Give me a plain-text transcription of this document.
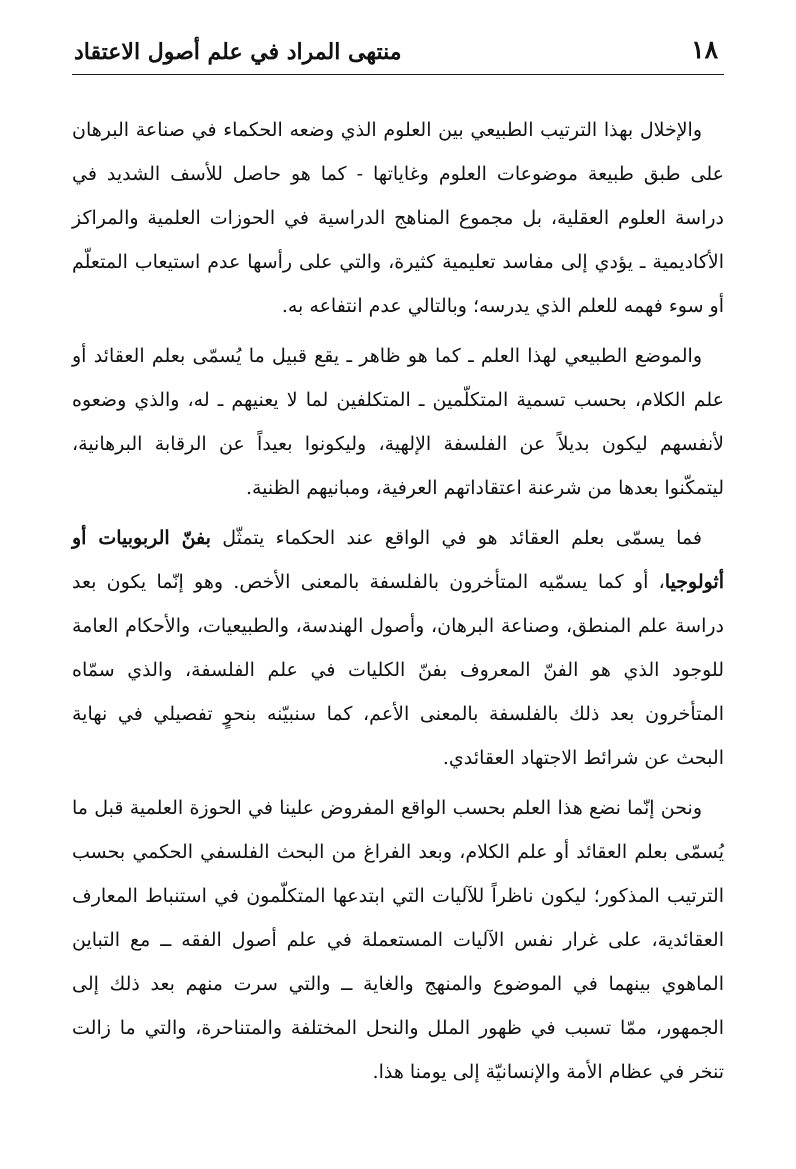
١٨
منتهى المراد في علم أصول الاعتقاد

والإخلال بهذا الترتيب الطبيعي بين العلوم الذي وضعه الحكماء في صناعة البرهان على طبق طبيعة موضوعات العلوم وغاياتها - كما هو حاصل للأسف الشديد في دراسة العلوم العقلية، بل مجموع المناهج الدراسية في الحوزات العلمية والمراكز الأكاديمية ـ يؤدي إلى مفاسد تعليمية كثيرة، والتي على رأسها عدم استيعاب المتعلّم أو سوء فهمه للعلم الذي يدرسه؛ وبالتالي عدم انتفاعه به.

والموضع الطبيعي لهذا العلم ـ كما هو ظاهر ـ يقع قبيل ما يُسمّى بعلم العقائد أو علم الكلام، بحسب تسمية المتكلّمين ـ المتكلفين لما لا يعنيهم ـ له، والذي وضعوه لأنفسهم ليكون بديلاً عن الفلسفة الإلهية، وليكونوا بعيداً عن الرقابة البرهانية، ليتمكّنوا بعدها من شرعنة اعتقاداتهم العرفية، ومبانيهم الظنية.

فما يسمّى بعلم العقائد هو في الواقع عند الحكماء يتمثّل بفنّ الربوبيات أو أثولوجيا، أو كما يسمّيه المتأخرون بالفلسفة بالمعنى الأخص. وهو إنّما يكون بعد دراسة علم المنطق، وصناعة البرهان، وأصول الهندسة، والطبيعيات، والأحكام العامة للوجود الذي هو الفنّ المعروف بفنّ الكليات في علم الفلسفة، والذي سمّاه المتأخرون بعد ذلك بالفلسفة بالمعنى الأعم، كما سنبيّنه بنحوٍ تفصيلي في نهاية البحث عن شرائط الاجتهاد العقائدي.

ونحن إنّما نضع هذا العلم بحسب الواقع المفروض علينا في الحوزة العلمية قبل ما يُسمّى بعلم العقائد أو علم الكلام، وبعد الفراغ من البحث الفلسفي الحكمي بحسب الترتيب المذكور؛ ليكون ناظراً للآليات التي ابتدعها المتكلّمون في استنباط المعارف العقائدية، على غرار نفس الآليات المستعملة في علم أصول الفقه ــ مع التباين الماهوي بينهما في الموضوع والمنهج والغاية ــ والتي سرت منهم بعد ذلك إلى الجمهور، ممّا تسبب في ظهور الملل والنحل المختلفة والمتناحرة، والتي ما زالت تنخر في عظام الأمة والإنسانيّة إلى يومنا هذا.
